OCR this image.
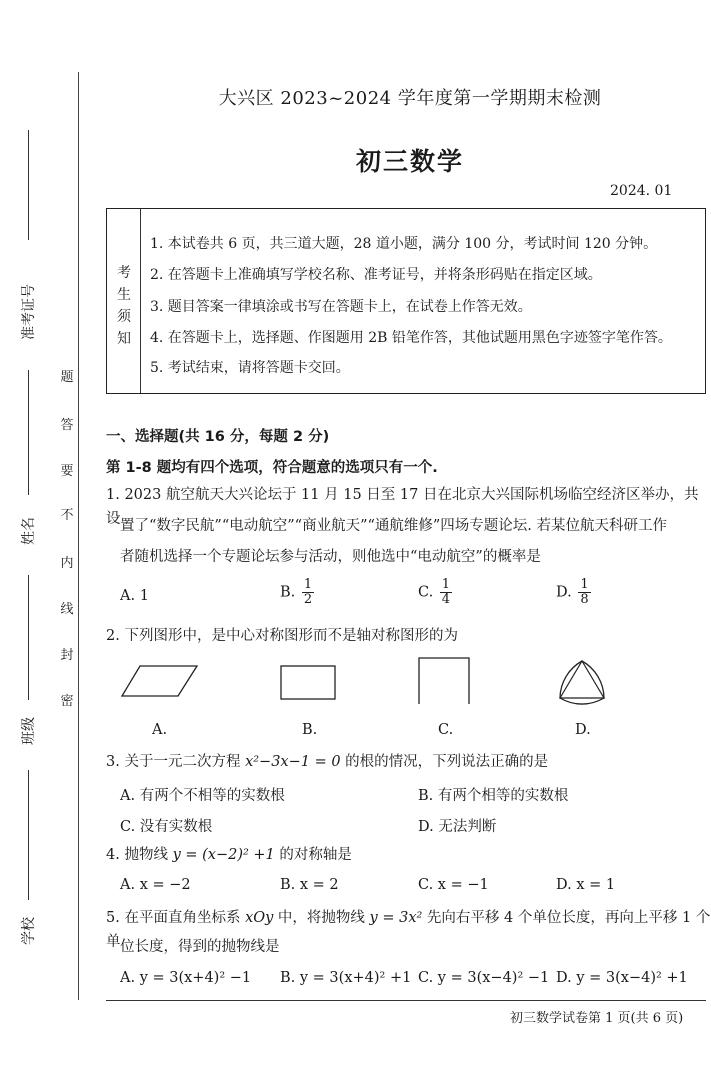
准考证号
姓名
班级
学校
题
答
要
不
内
线
封
密
大兴区 2023~2024 学年度第一学期期末检测
初三数学
2024. 01
考
生
须
知
1. 本试卷共 6 页，共三道大题，28 道小题，满分 100 分，考试时间 120 分钟。
2. 在答题卡上准确填写学校名称、准考证号，并将条形码贴在指定区域。
3. 题目答案一律填涂或书写在答题卡上，在试卷上作答无效。
4. 在答题卡上，选择题、作图题用 2B 铅笔作答，其他试题用黑色字迹签字笔作答。
5. 考试结束，请将答题卡交回。
一、选择题(共 16 分，每题 2 分)
第 1-8 题均有四个选项，符合题意的选项只有一个.
1. 2023 航空航天大兴论坛于 11 月 15 日至 17 日在北京大兴国际机场临空经济区举办，共设 置了“数字民航”“电动航空”“商业航天”“通航维修”四场专题论坛. 若某位航天科研工作
者随机选择一个专题论坛参与活动，则他选中“电动航空”的概率是
A. 1	B. $\frac{1}{2}$	C. $\frac{1}{4}$	D. $\frac{1}{8}$
2. 下列图形中，是中心对称图形而不是轴对称图形的为
A.	B.	C.	D.
3. 关于一元二次方程 x²−3x−1 = 0 的根的情况，下列说法正确的是
A. 有两个不相等的实数根	B. 有两个相等的实数根
C. 没有实数根	D. 无法判断
4. 抛物线 y = (x−2)² +1 的对称轴是
A. x = −2	B. x = 2	C. x = −1	D. x = 1
5. 在平面直角坐标系 xOy 中，将抛物线 y = 3x² 先向右平移 4 个单位长度，再向上平移 1 个单 位长度，得到的抛物线是
A. y = 3(x+4)² −1 B. y = 3(x+4)² +1 C. y = 3(x−4)² −1 D. y = 3(x−4)² +1
初三数学试卷第 1 页(共 6 页)
